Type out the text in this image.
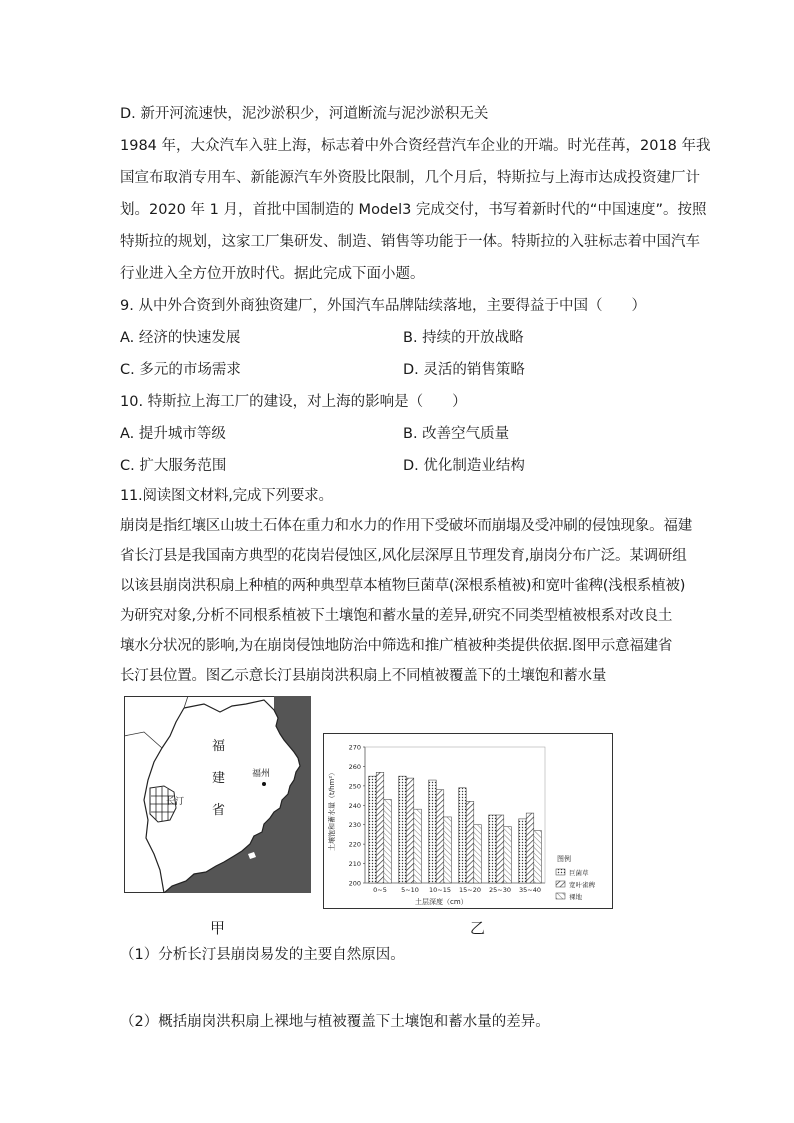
D. 新开河流速快，泥沙淤积少，河道断流与泥沙淤积无关
1984 年，大众汽车入驻上海，标志着中外合资经营汽车企业的开端。时光荏苒，2018 年我
国宣布取消专用车、新能源汽车外资股比限制，几个月后，特斯拉与上海市达成投资建厂计
划。2020 年 1 月，首批中国制造的 Model3 完成交付，书写着新时代的“中国速度”。按照
特斯拉的规划，这家工厂集研发、制造、销售等功能于一体。特斯拉的入驻标志着中国汽车
行业进入全方位开放时代。据此完成下面小题。
9. 从中外合资到外商独资建厂，外国汽车品牌陆续落地，主要得益于中国（　　）
A. 经济的快速发展	B. 持续的开放战略
C. 多元的市场需求	D. 灵活的销售策略
10. 特斯拉上海工厂的建设，对上海的影响是（　　）
A. 提升城市等级	B. 改善空气质量
C. 扩大服务范围	D. 优化制造业结构
11.阅读图文材料,完成下列要求。
崩岗是指红壤区山坡土石体在重力和水力的作用下受破坏而崩塌及受冲刷的侵蚀现象。福建
省长汀县是我国南方典型的花岗岩侵蚀区,风化层深厚且节理发育,崩岗分布广泛。某调研组
以该县崩岗洪积扇上种植的两种典型草本植物巨菌草(深根系植被)和宽叶雀稗(浅根系植被)
为研究对象,分析不同根系植被下土壤饱和蓄水量的差异,研究不同类型植被根系对改良土
壤水分状况的影响,为在崩岗侵蚀地防治中筛选和推广植被种类提供依据.图甲示意福建省
长汀县位置。图乙示意长汀县崩岗洪积扇上不同植被覆盖下的土壤饱和蓄水量
长汀
福
建
省
福州
甲
200
210
220
230
240
250
260
270
0~5 5~10 10~15 15~20 25~30 35~40
图例
巨菌草
宽叶雀稗
裸地
土层深度（cm）
土壤饱和蓄水量（t/hm²）
乙
（1）分析长汀县崩岗易发的主要自然原因。
（2）概括崩岗洪积扇上裸地与植被覆盖下土壤饱和蓄水量的差异。
